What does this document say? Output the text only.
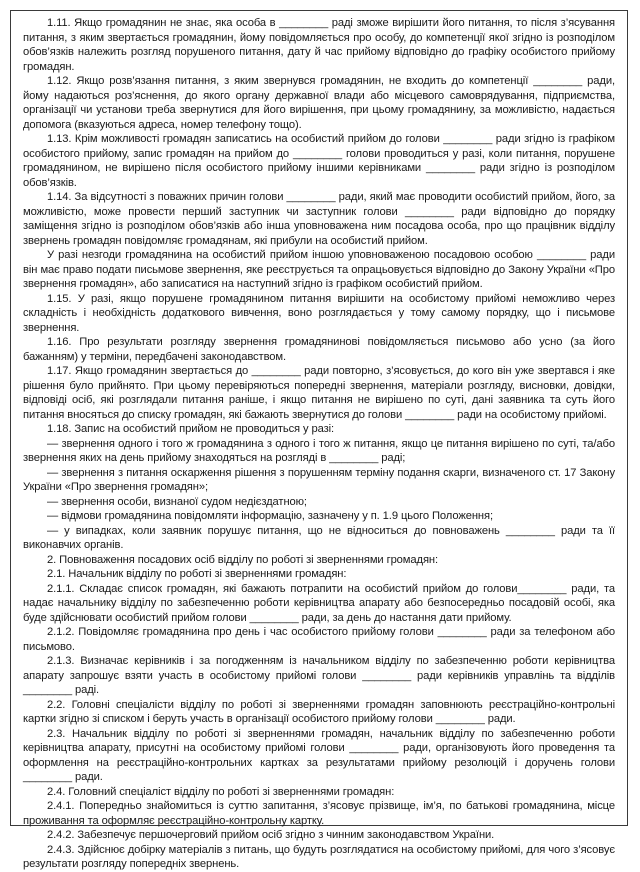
1.11. Якщо громадянин не знає, яка особа в ________ раді зможе вирішити його питання, то після з’ясування питання, з яким звертається громадянин, йому повідомляється про особу, до компетенції якої згідно із розподілом обов’язків належить розгляд порушеного питання, дату й час прийому відповідно до графіку особистого прийому громадян.

1.12. Якщо розв’язання питання, з яким звернувся громадянин, не входить до компетенції ________ ради, йому надаються роз’яснення, до якого органу державної влади або місцевого самоврядування, підприємства, організації чи установи треба звернутися для його вирішення, при цьому громадянину, за можливістю, надається допомога (вказуються адреса, номер телефону тощо).

1.13. Крім можливості громадян записатись на особистий прийом до голови ________ ради згідно із графіком особистого прийому, запис громадян на прийом до ________ голови проводиться у разі, коли питання, порушене громадянином, не вирішено після особистого прийому іншими керівниками ________ ради згідно із розподілом обов’язків.

1.14. За відсутності з поважних причин голови ________ ради, який має проводити особистий прийом, його, за можливістю, може провести перший заступник чи заступник голови ________ ради відповідно до порядку заміщення згідно із розподілом обов’язків або інша уповноважена ним посадова особа, про що працівник відділу звернень громадян повідомляє громадянам, які прибули на особистий прийом.

У разі незгоди громадянина на особистий прийом іншою уповноваженою посадовою особою ________ ради він має право подати письмове звернення, яке реєструється та опрацьовується відповідно до Закону України «Про звернення громадян», або записатися на наступний згідно із графіком особистий прийом.

1.15. У разі, якщо порушене громадянином питання вирішити на особистому прийомі неможливо через складність і необхідність додаткового вивчення, воно розглядається у тому самому порядку, що і письмове звернення.

1.16. Про результати розгляду звернення громадянинові повідомляється письмово або усно (за його бажанням) у терміни, передбачені законодавством.

1.17. Якщо громадянин звертається до ________ ради повторно, з’ясовується, до кого він уже звертався і яке рішення було прийнято. При цьому перевіряються попередні звернення, матеріали розгляду, висновки, довідки, відповіді осіб, які розглядали питання раніше, і якщо питання не вирішено по суті, дані заявника та суть його питання вносяться до списку громадян, які бажають звернутися до голови ________ ради на особистому прийомі.

1.18. Запис на особистий прийом не проводиться у разі:

— звернення одного і того ж громадянина з одного і того ж питання, якщо це питання вирішено по суті, та/або звернення яких на день прийому знаходяться на розгляді в ________ раді;

— звернення з питання оскарження рішення з порушенням терміну подання скарги, визначеного ст. 17 Закону України «Про звернення громадян»;

— звернення особи, визнаної судом недієздатною;

— відмови громадянина повідомляти інформацію, зазначену у п. 1.9 цього Положення;

— у випадках, коли заявник порушує питання, що не відноситься до повноважень ________ ради та її виконавчих органів.

2. Повноваження посадових осіб відділу по роботі зі зверненнями громадян:

2.1. Начальник відділу по роботі зі зверненнями громадян:

2.1.1. Складає список громадян, які бажають потрапити на особистий прийом до голови________ ради, та надає начальнику відділу по забезпеченню роботи керівництва апарату або безпосередньо посадовій особі, яка буде здійснювати особистий прийом голови ________ ради, за день до настання дати прийому.

2.1.2. Повідомляє громадянина про день і час особистого прийому голови ________ ради за телефоном або письмово.

2.1.3. Визначає керівників і за погодженням із начальником відділу по забезпеченню роботи керівництва апарату запрошує взяти участь в особистому прийомі голови ________ ради керівників управлінь та відділів ________ раді.

2.2. Головні спеціалісти відділу по роботі зі зверненнями громадян заповнюють реєстраційно-контрольні картки згідно зі списком і беруть участь в організації особистого прийому голови ________ ради.

2.3. Начальник відділу по роботі зі зверненнями громадян, начальник відділу по забезпеченню роботи керівництва апарату, присутні на особистому прийомі голови ________ ради, організовують його проведення та оформлення на реєстраційно-контрольних картках за результатами прийому резолюцій і доручень голови ________ ради.

2.4. Головний спеціаліст відділу по роботі зі зверненнями громадян:

2.4.1. Попередньо знайомиться із суттю запитання, з’ясовує прізвище, ім’я, по батькові громадянина, місце проживання та оформляє реєстраційно-контрольну картку.

2.4.2. Забезпечує першочерговий прийом осіб згідно з чинним законодавством України.

2.4.3. Здійснює добірку матеріалів з питань, що будуть розглядатися на особистому прийомі, для чого з’ясовує результати розгляду попередніх звернень.
